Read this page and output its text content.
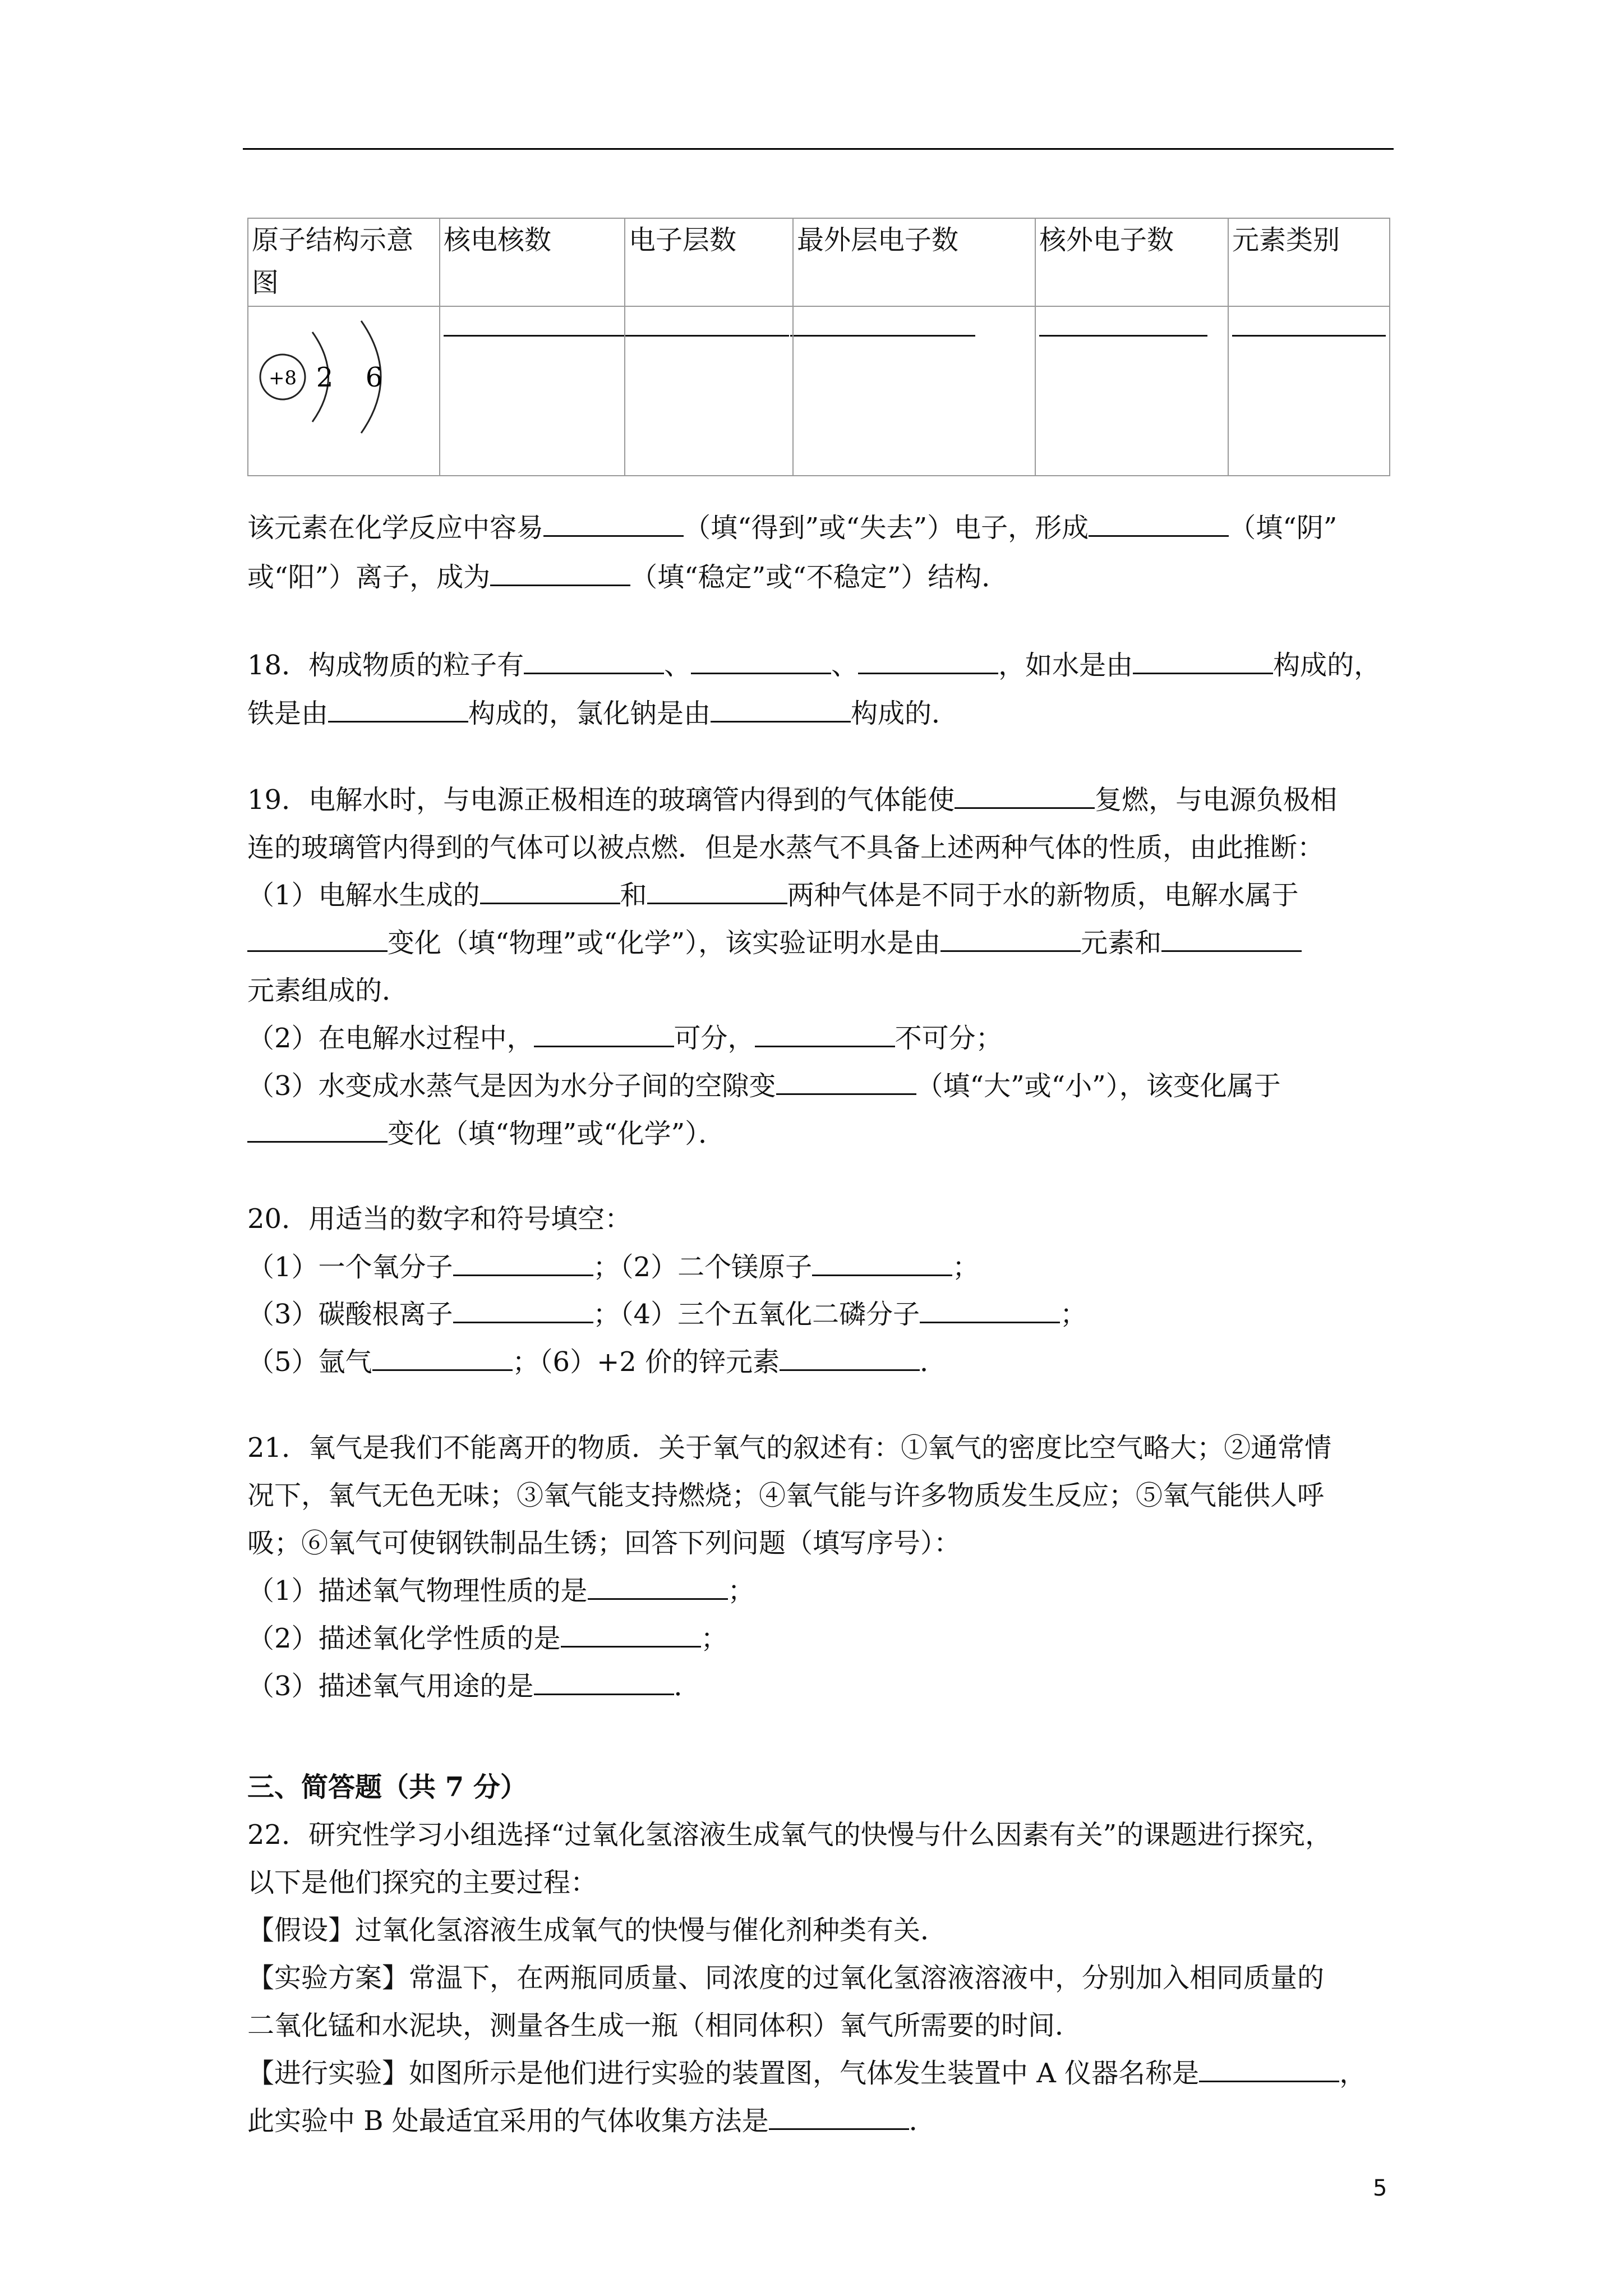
原子结构示意图	核电核数	电子层数	最外层电子数	核外电子数	元素类别

+8 2 6					

该元素在化学反应中容易	（填“得到”或“失去”）电子，形成	（填“阴”
或“阳”）离子，成为	（填“稳定”或“不稳定”）结构．
18．构成物质的粒子有	、	、	，如水是由	构成的，
铁是由	构成的，氯化钠是由	构成的．
19．电解水时，与电源正极相连的玻璃管内得到的气体能使	复燃，与电源负极相
连的玻璃管内得到的气体可以被点燃．但是水蒸气不具备上述两种气体的性质，由此推断：
（1）电解水生成的	和	两种气体是不同于水的新物质，电解水属于
变化（填“物理”或“化学”），该实验证明水是由	元素和
元素组成的．
（2）在电解水过程中，	可分，	不可分；
（3）水变成水蒸气是因为水分子间的空隙变	（填“大”或“小”），该变化属于
变化（填“物理”或“化学”）．
20．用适当的数字和符号填空：
（1）一个氧分子	；（2）二个镁原子	；
（3）碳酸根离子	；（4）三个五氧化二磷分子	；
（5）氩气	；（6）+2 价的锌元素	．
21．氧气是我们不能离开的物质．关于氧气的叙述有：①氧气的密度比空气略大；②通常情
况下，氧气无色无味；③氧气能支持燃烧；④氧气能与许多物质发生反应；⑤氧气能供人呼
吸；⑥氧气可使钢铁制品生锈；回答下列问题（填写序号）：
（1）描述氧气物理性质的是	；
（2）描述氧化学性质的是	；
（3）描述氧气用途的是	．
三、简答题（共 7 分）
22．研究性学习小组选择“过氧化氢溶液生成氧气的快慢与什么因素有关”的课题进行探究，
以下是他们探究的主要过程：
【假设】过氧化氢溶液生成氧气的快慢与催化剂种类有关．
【实验方案】常温下，在两瓶同质量、同浓度的过氧化氢溶液溶液中，分别加入相同质量的
二氧化锰和水泥块，测量各生成一瓶（相同体积）氧气所需要的时间．
【进行实验】如图所示是他们进行实验的装置图，气体发生装置中 A 仪器名称是	，
此实验中 B 处最适宜采用的气体收集方法是	．
5
